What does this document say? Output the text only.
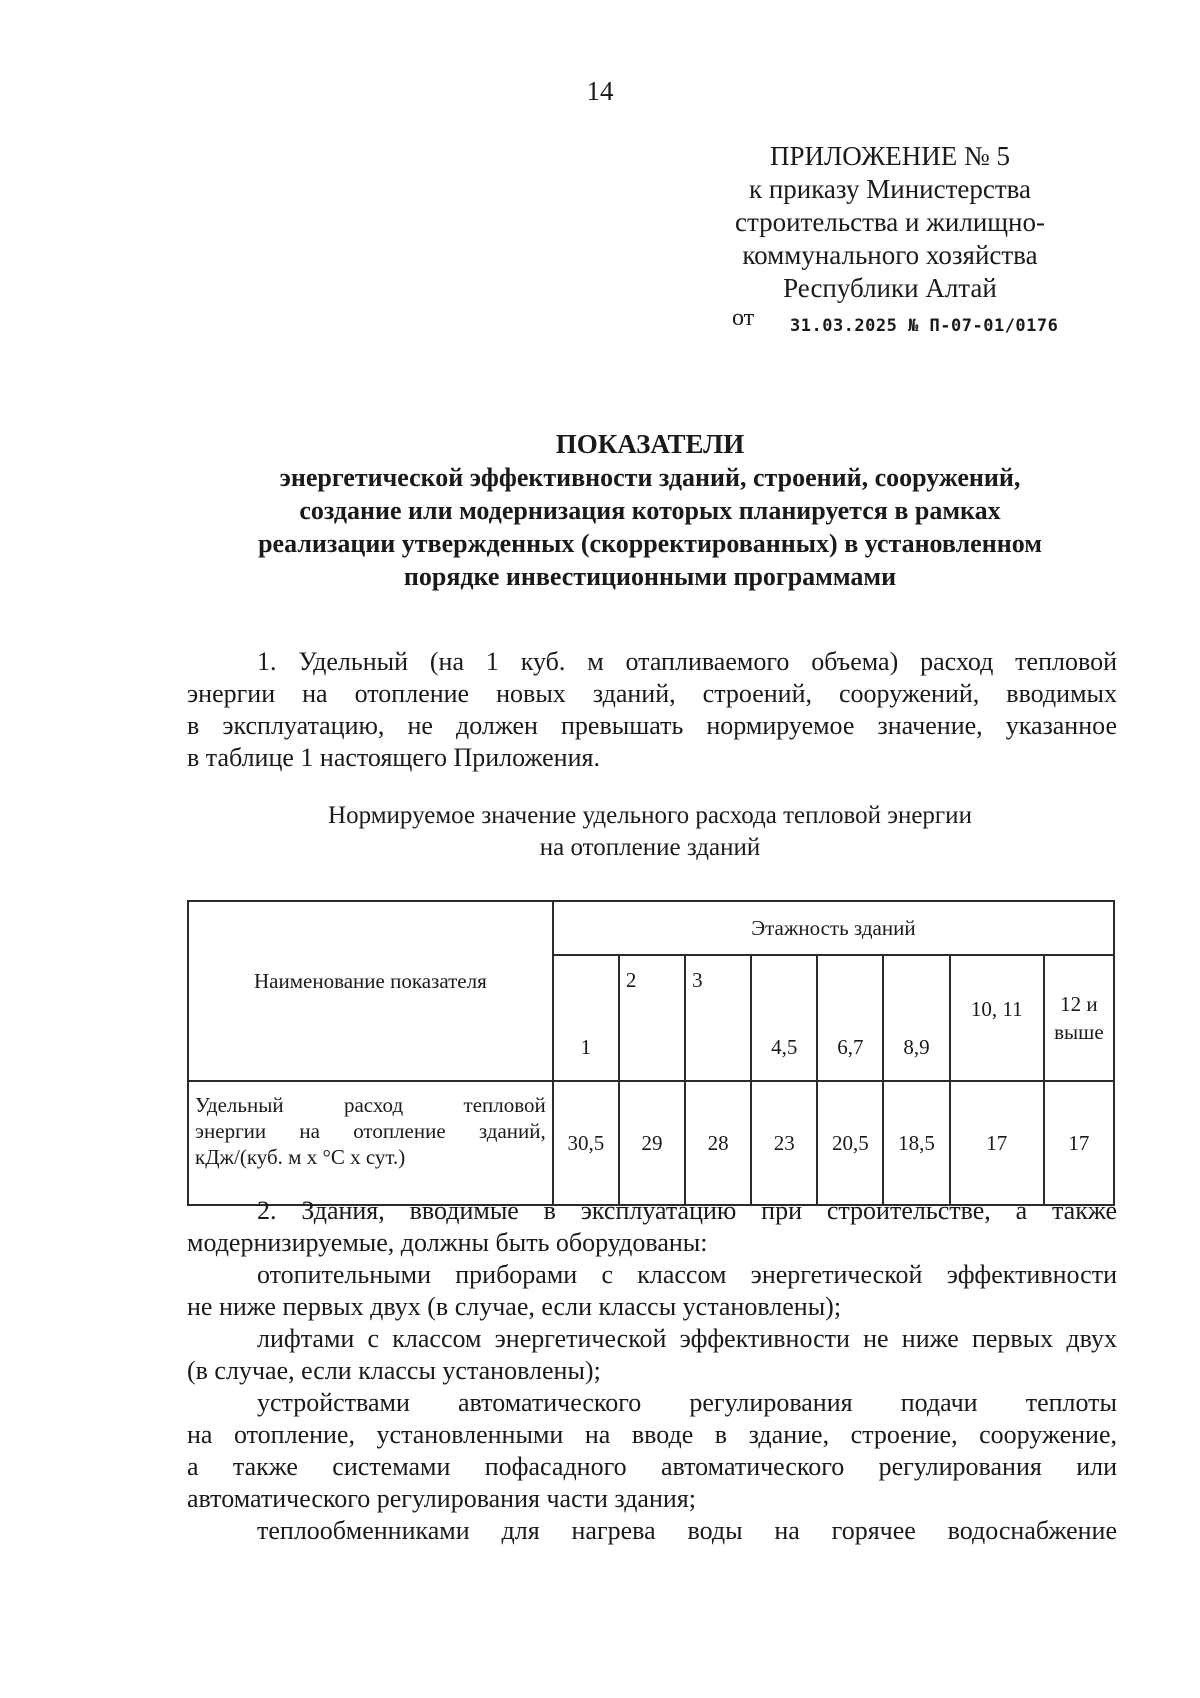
14
ПРИЛОЖЕНИЕ № 5
к приказу Министерства
строительства и жилищно-
коммунального хозяйства
Республики Алтай
от 31.03.2025 № П-07-01/0176
ПОКАЗАТЕЛИ
энергетической эффективности зданий, строений, сооружений,
создание или модернизация которых планируется в рамках
реализации утвержденных (скорректированных) в установленном
порядке инвестиционными программами
1. Удельный (на 1 куб. м отапливаемого объема) расход тепловой
энергии на отопление новых зданий, строений, сооружений, вводимых
в эксплуатацию, не должен превышать нормируемое значение, указанное
в таблице 1 настоящего Приложения.
Нормируемое значение удельного расхода тепловой энергии
на отопление зданий
Наименование показателя	Этажность зданий							
	1	2	3	4,5	6,7	8,9	10, 11	12 и выше

Удельный расход тепловой
энергии на отопление зданий,
кДж/(куб. м х °С х сут.)	30,5	29	28	23	20,5	18,5	17	17
2. Здания, вводимые в эксплуатацию при строительстве, а также
модернизируемые, должны быть оборудованы:
отопительными приборами с классом энергетической эффективности
не ниже первых двух (в случае, если классы установлены);
лифтами с классом энергетической эффективности не ниже первых двух
(в случае, если классы установлены);
устройствами автоматического регулирования подачи теплоты
на отопление, установленными на вводе в здание, строение, сооружение,
а также системами пофасадного автоматического регулирования или
автоматического регулирования части здания;
теплообменниками для нагрева воды на горячее водоснабжение
